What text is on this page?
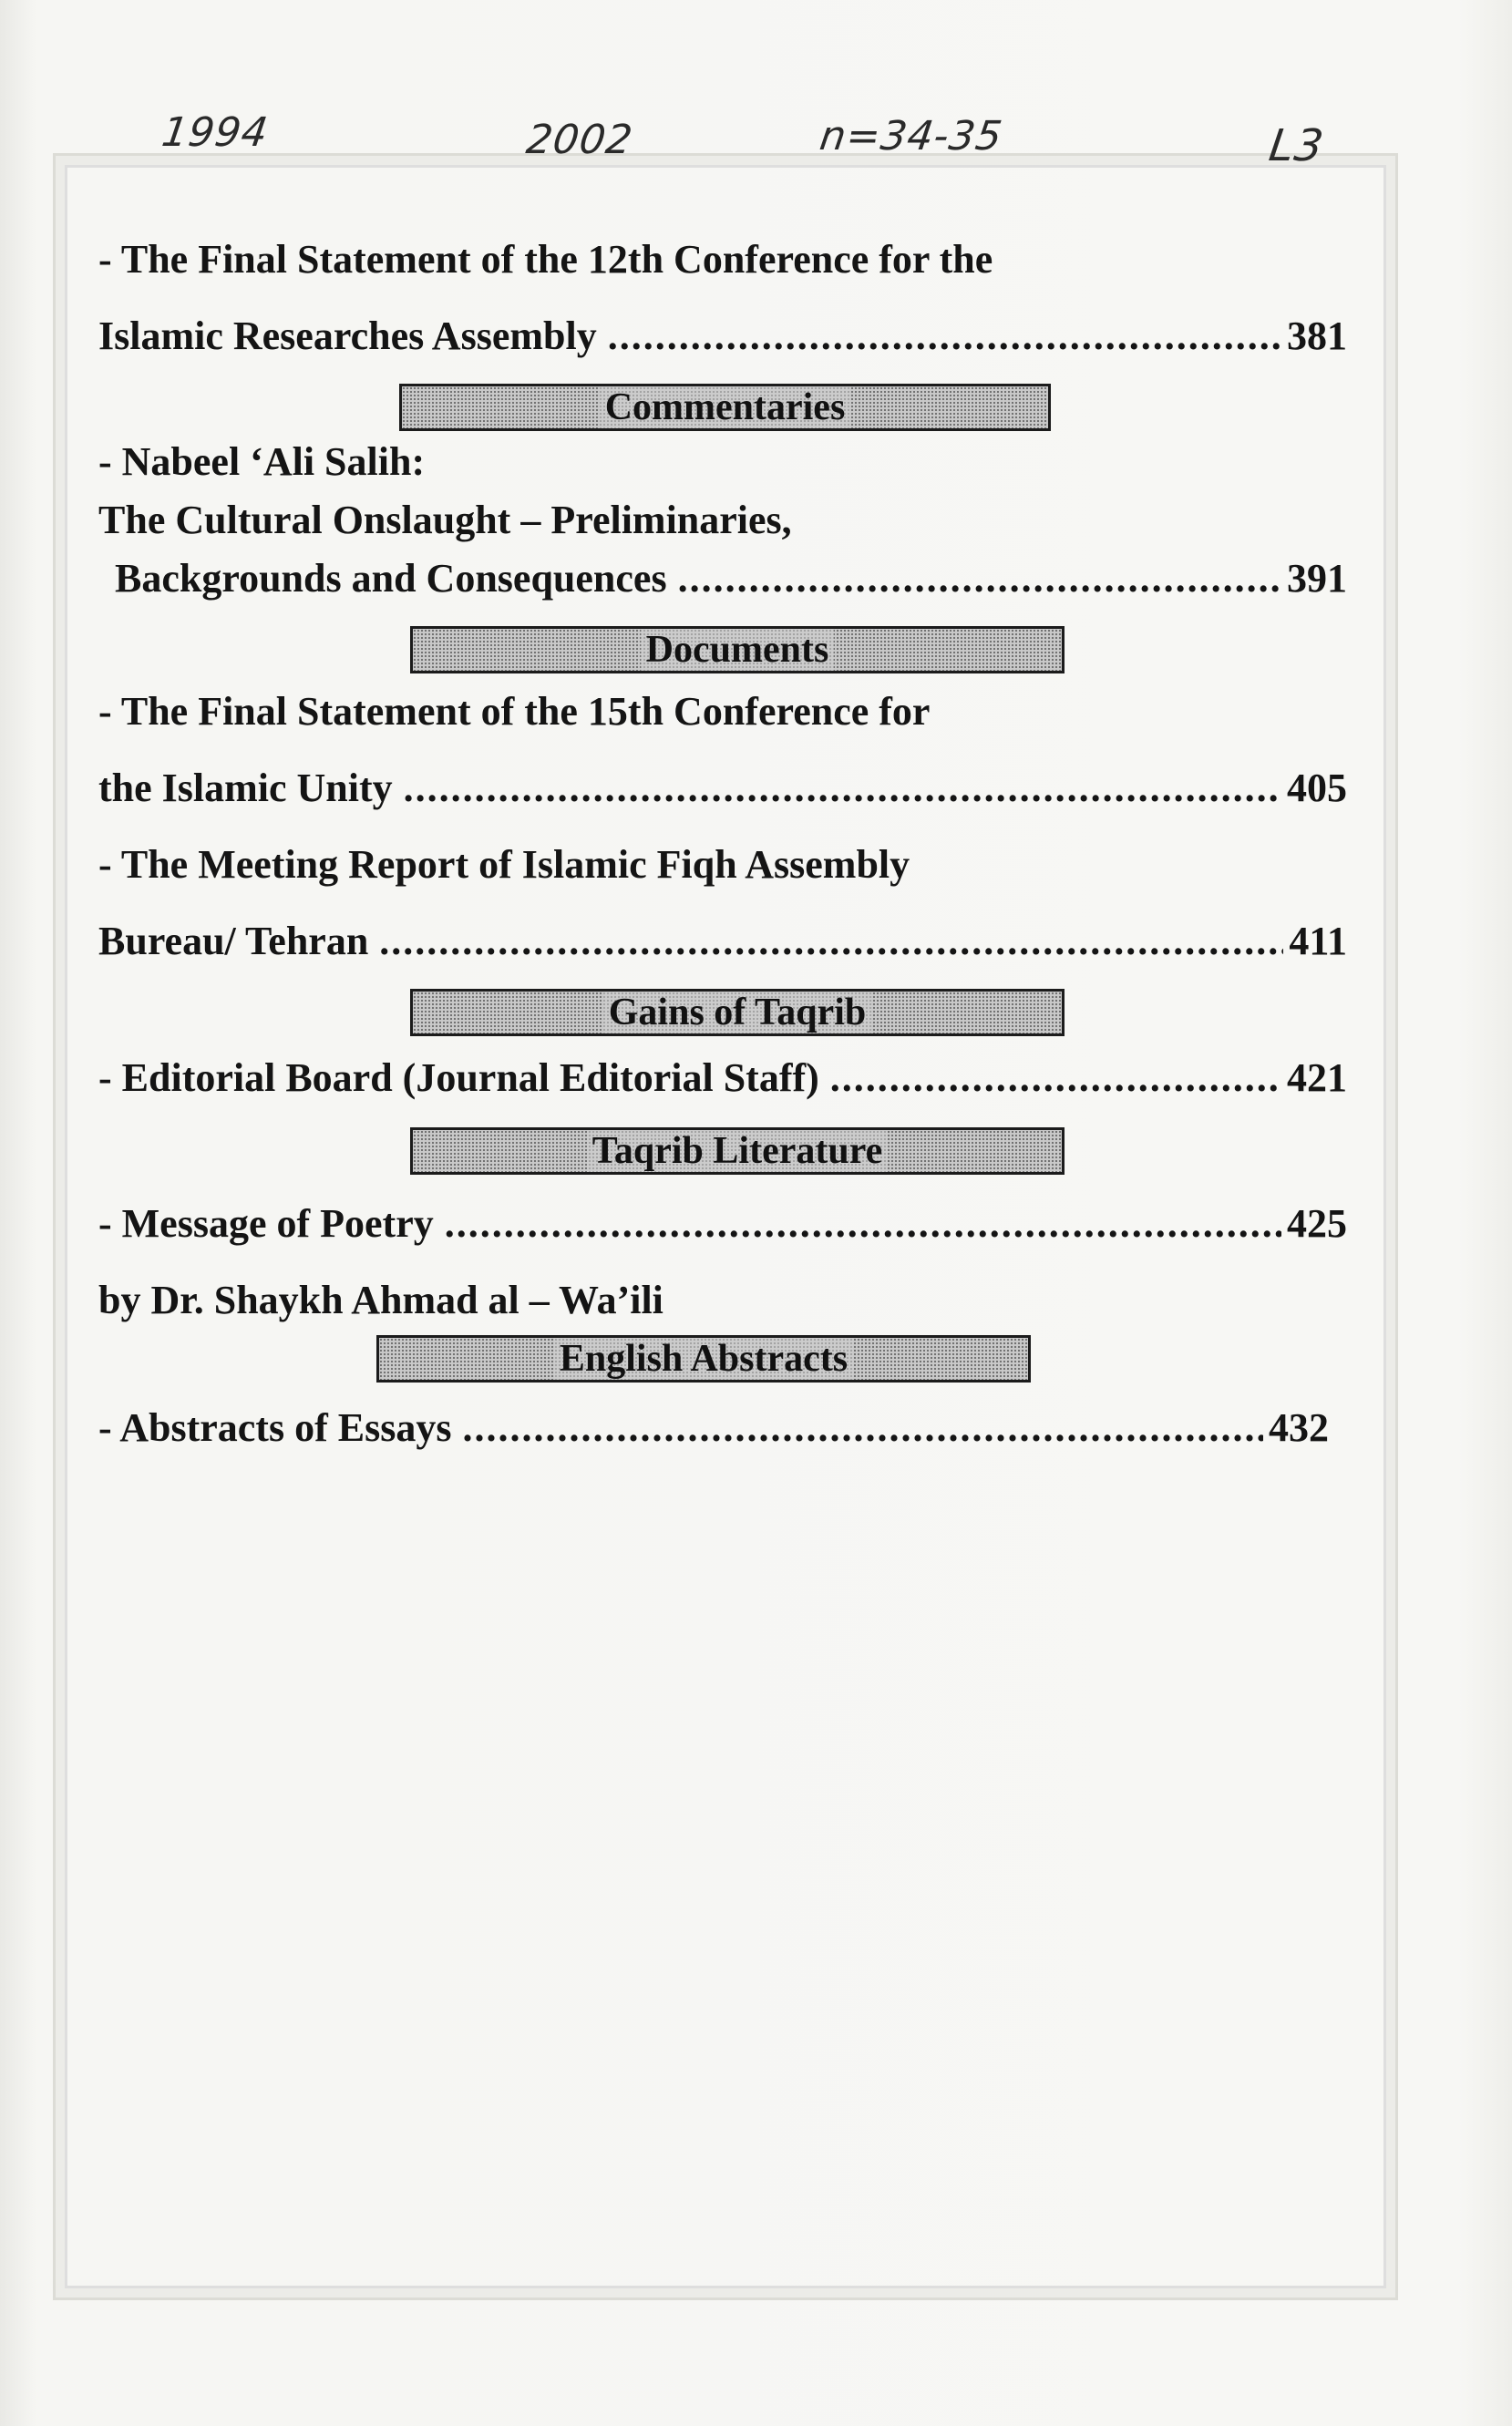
1994	2002	n=34-35	L3
- The Final Statement of the 12th Conference for the
Islamic Researches Assembly .....	381
Commentaries
- Nabeel ‘Ali Salih:
The Cultural Onslaught – Preliminaries,
Backgrounds and Consequences .....	391
Documents
- The Final Statement of the 15th Conference for
the Islamic Unity .....	405
- The Meeting Report of Islamic Fiqh Assembly
Bureau/ Tehran .....	411
Gains of Taqrib
- Editorial Board (Journal Editorial Staff) .....	421
Taqrib Literature
- Message of Poetry .....	425
by Dr. Shaykh Ahmad al – Wa’ili
English Abstracts
- Abstracts of Essays .....	432
